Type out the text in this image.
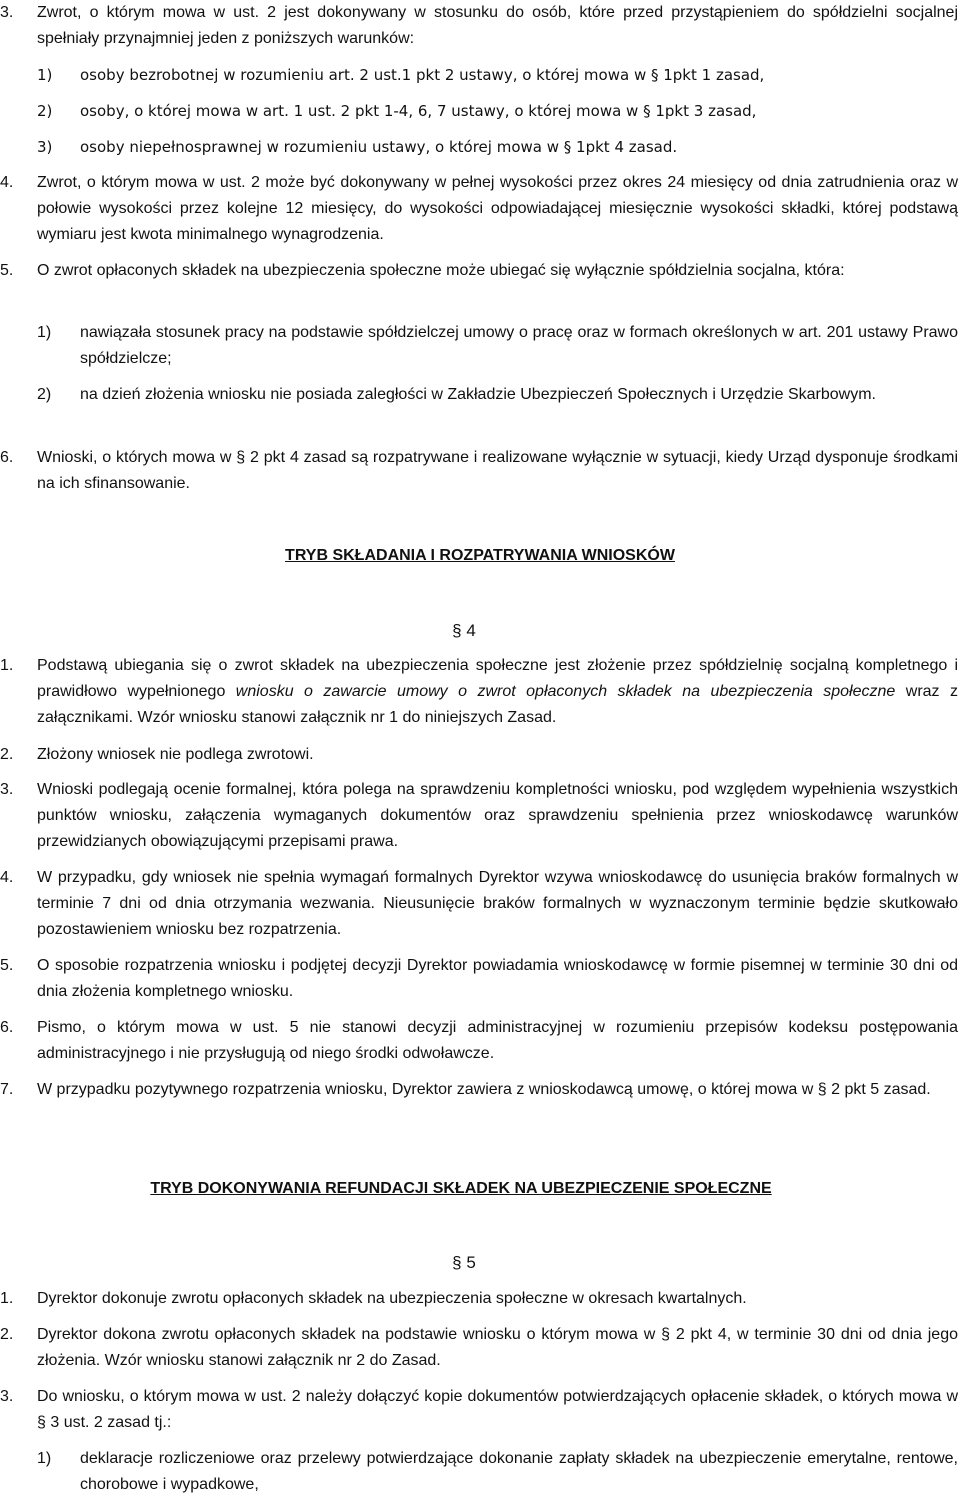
3.	Zwrot, o którym mowa w ust. 2 jest dokonywany w stosunku do osób, które przed przystąpieniem do spółdzielni socjalnej spełniały przynajmniej jeden z poniższych warunków:
1)	osoby bezrobotnej w rozumieniu art. 2 ust.1 pkt 2 ustawy, o której mowa w § 1pkt 1 zasad,
2)	osoby, o której mowa w art. 1 ust. 2 pkt 1-4, 6, 7 ustawy, o której mowa w § 1pkt 3 zasad,
3)	osoby niepełnosprawnej w rozumieniu ustawy, o której mowa w § 1pkt 4 zasad.
4.	Zwrot, o którym mowa w ust. 2 może być dokonywany w pełnej wysokości przez okres 24 miesięcy od dnia zatrudnienia oraz w połowie wysokości przez kolejne 12 miesięcy, do wysokości odpowiadającej miesięcznie wysokości składki, której podstawą wymiaru jest kwota minimalnego wynagrodzenia.
5.	O zwrot opłaconych składek na ubezpieczenia społeczne może ubiegać się wyłącznie spółdzielnia socjalna, która:
1)	nawiązała stosunek pracy na podstawie spółdzielczej umowy o pracę oraz w formach określonych w art. 201 ustawy Prawo spółdzielcze;
2)	na dzień złożenia wniosku nie posiada zaległości w Zakładzie Ubezpieczeń Społecznych i Urzędzie Skarbowym.
6.	Wnioski, o których mowa w § 2 pkt 4 zasad są rozpatrywane i realizowane wyłącznie w sytuacji, kiedy Urząd dysponuje środkami na ich sfinansowanie.
TRYB SKŁADANIA I ROZPATRYWANIA WNIOSKÓW
§ 4
1.	Podstawą ubiegania się o zwrot składek na ubezpieczenia społeczne jest złożenie przez spółdzielnię socjalną kompletnego i prawidłowo wypełnionego wniosku o zawarcie umowy o zwrot opłaconych składek na ubezpieczenia społeczne wraz z załącznikami. Wzór wniosku stanowi załącznik nr 1 do niniejszych Zasad.
2.	Złożony wniosek nie podlega zwrotowi.
3.	Wnioski podlegają ocenie formalnej, która polega na sprawdzeniu kompletności wniosku, pod względem wypełnienia wszystkich punktów wniosku, załączenia wymaganych dokumentów oraz sprawdzeniu spełnienia przez wnioskodawcę warunków przewidzianych obowiązującymi przepisami prawa.
4.	W przypadku, gdy wniosek nie spełnia wymagań formalnych Dyrektor wzywa wnioskodawcę do usunięcia braków formalnych w terminie 7 dni od dnia otrzymania wezwania. Nieusunięcie braków formalnych w wyznaczonym terminie będzie skutkowało pozostawieniem wniosku bez rozpatrzenia.
5.	O sposobie rozpatrzenia wniosku i podjętej decyzji Dyrektor powiadamia wnioskodawcę w formie pisemnej w terminie 30 dni od dnia złożenia kompletnego wniosku.
6.	Pismo, o którym mowa w ust. 5 nie stanowi decyzji administracyjnej w rozumieniu przepisów kodeksu postępowania administracyjnego i nie przysługują od niego środki odwoławcze.
7.	W przypadku pozytywnego rozpatrzenia wniosku, Dyrektor zawiera z wnioskodawcą umowę, o której mowa w § 2 pkt 5 zasad.
TRYB DOKONYWANIA REFUNDACJI SKŁADEK NA UBEZPIECZENIE SPOŁECZNE
§ 5
1.	Dyrektor dokonuje zwrotu opłaconych składek na ubezpieczenia społeczne w okresach kwartalnych.
2.	Dyrektor dokona zwrotu opłaconych składek na podstawie wniosku o którym mowa w § 2 pkt 4, w terminie 30 dni od dnia jego złożenia. Wzór wniosku stanowi załącznik nr 2 do Zasad.
3.	Do wniosku, o którym mowa w ust. 2 należy dołączyć kopie dokumentów potwierdzających opłacenie składek, o których mowa w § 3 ust. 2 zasad tj.:
1)	deklaracje rozliczeniowe oraz przelewy potwierdzające dokonanie zapłaty składek na ubezpieczenie emerytalne, rentowe, chorobowe i wypadkowe,
